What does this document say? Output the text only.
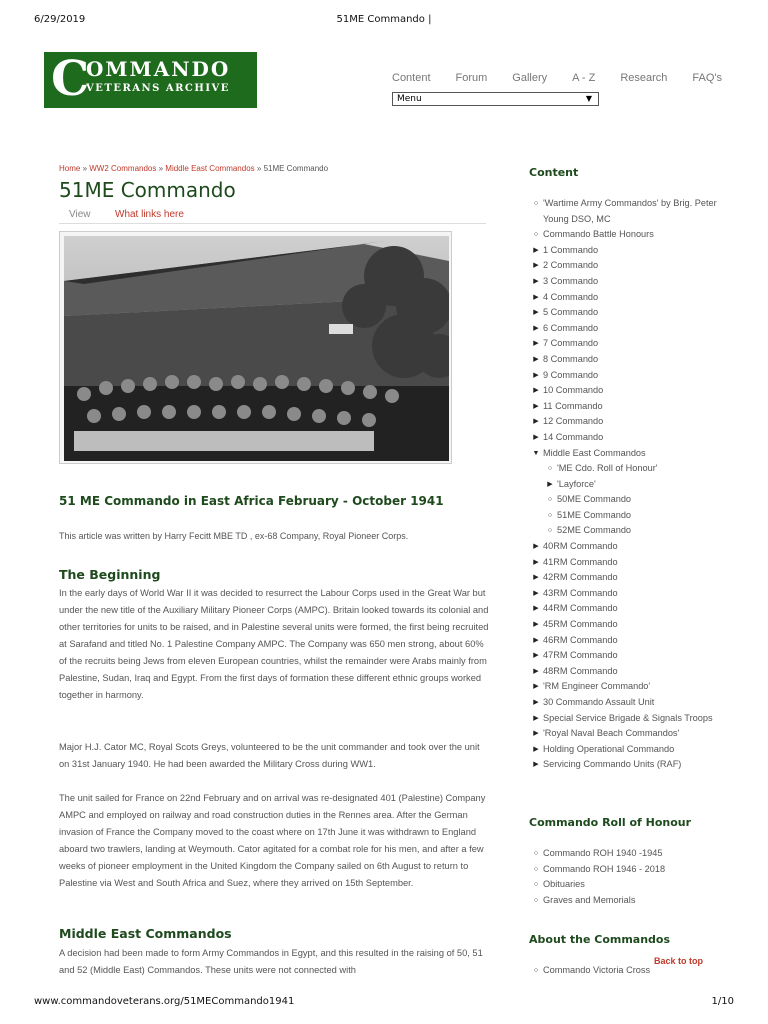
6/29/2019	51ME Commando |
C
OMMANDO
VETERANS ARCHIVE
Content Forum Gallery A - Z Research FAQ's
Menu	▼
Home » WW2 Commandos » Middle East Commandos » 51ME Commando
51ME Commando
View What links here
51 ME Commando in East Africa February - October 1941
This article was written by Harry Fecitt MBE TD , ex-68 Company, Royal Pioneer Corps.
The Beginning

In the early days of World War II it was decided to resurrect the Labour Corps used in the Great War but under the new title of the Auxiliary Military Pioneer Corps (AMPC). Britain looked towards its colonial and other territories for units to be raised, and in Palestine several units were formed, the first being recruited at Sarafand and titled No. 1 Palestine Company AMPC. The Company was 650 men strong, about 60% of the recruits being Jews from eleven European countries, whilst the remainder were Arabs mainly from Palestine, Sudan, Iraq and Egypt. From the first days of formation these different ethnic groups worked together in harmony.

Major H.J. Cator MC, Royal Scots Greys, volunteered to be the unit commander and took over the unit on 31st January 1940. He had been awarded the Military Cross during WW1.

The unit sailed for France on 22nd February and on arrival was re-designated 401 (Palestine) Company AMPC and employed on railway and road construction duties in the Rennes area. After the German invasion of France the Company moved to the coast where on 17th June it was withdrawn to England aboard two trawlers, landing at Weymouth. Cator agitated for a combat role for his men, and after a few weeks of pioneer employment in the United Kingdom the Company sailed on 6th August to return to Palestine via West and South Africa and Suez, where they arrived on 15th September.

Middle East Commandos

A decision had been made to form Army Commandos in Egypt, and this resulted in the raising of 50, 51 and 52 (Middle East) Commandos. These units were not connected with

Content
○ 'Wartime Army Commandos' by Brig. Peter Young DSO, MC
○ Commando Battle Honours
▶ 1 Commando
▶ 2 Commando
▶ 3 Commando
▶ 4 Commando
▶ 5 Commando
▶ 6 Commando
▶ 7 Commando
▶ 8 Commando
▶ 9 Commando
▶ 10 Commando
▶ 11 Commando
▶ 12 Commando
▶ 14 Commando
▼ Middle East Commandos
○ 'ME Cdo. Roll of Honour'
▶ 'Layforce'
○ 50ME Commando
○ 51ME Commando
○ 52ME Commando
▶ 40RM Commando
▶ 41RM Commando
▶ 42RM Commando
▶ 43RM Commando
▶ 44RM Commando
▶ 45RM Commando
▶ 46RM Commando
▶ 47RM Commando
▶ 48RM Commando
▶ 'RM Engineer Commando'
▶ 30 Commando Assault Unit
▶ Special Service Brigade & Signals Troops
▶ 'Royal Naval Beach Commandos'
▶ Holding Operational Commando
▶ Servicing Commando Units (RAF)
Commando Roll of Honour
○ Commando ROH 1940 -1945
○ Commando ROH 1946 - 2018
○ Obituaries
○ Graves and Memorials
About the Commandos
○ Commando Victoria Cross
Back to top
www.commandoveterans.org/51MECommando1941	1/10
